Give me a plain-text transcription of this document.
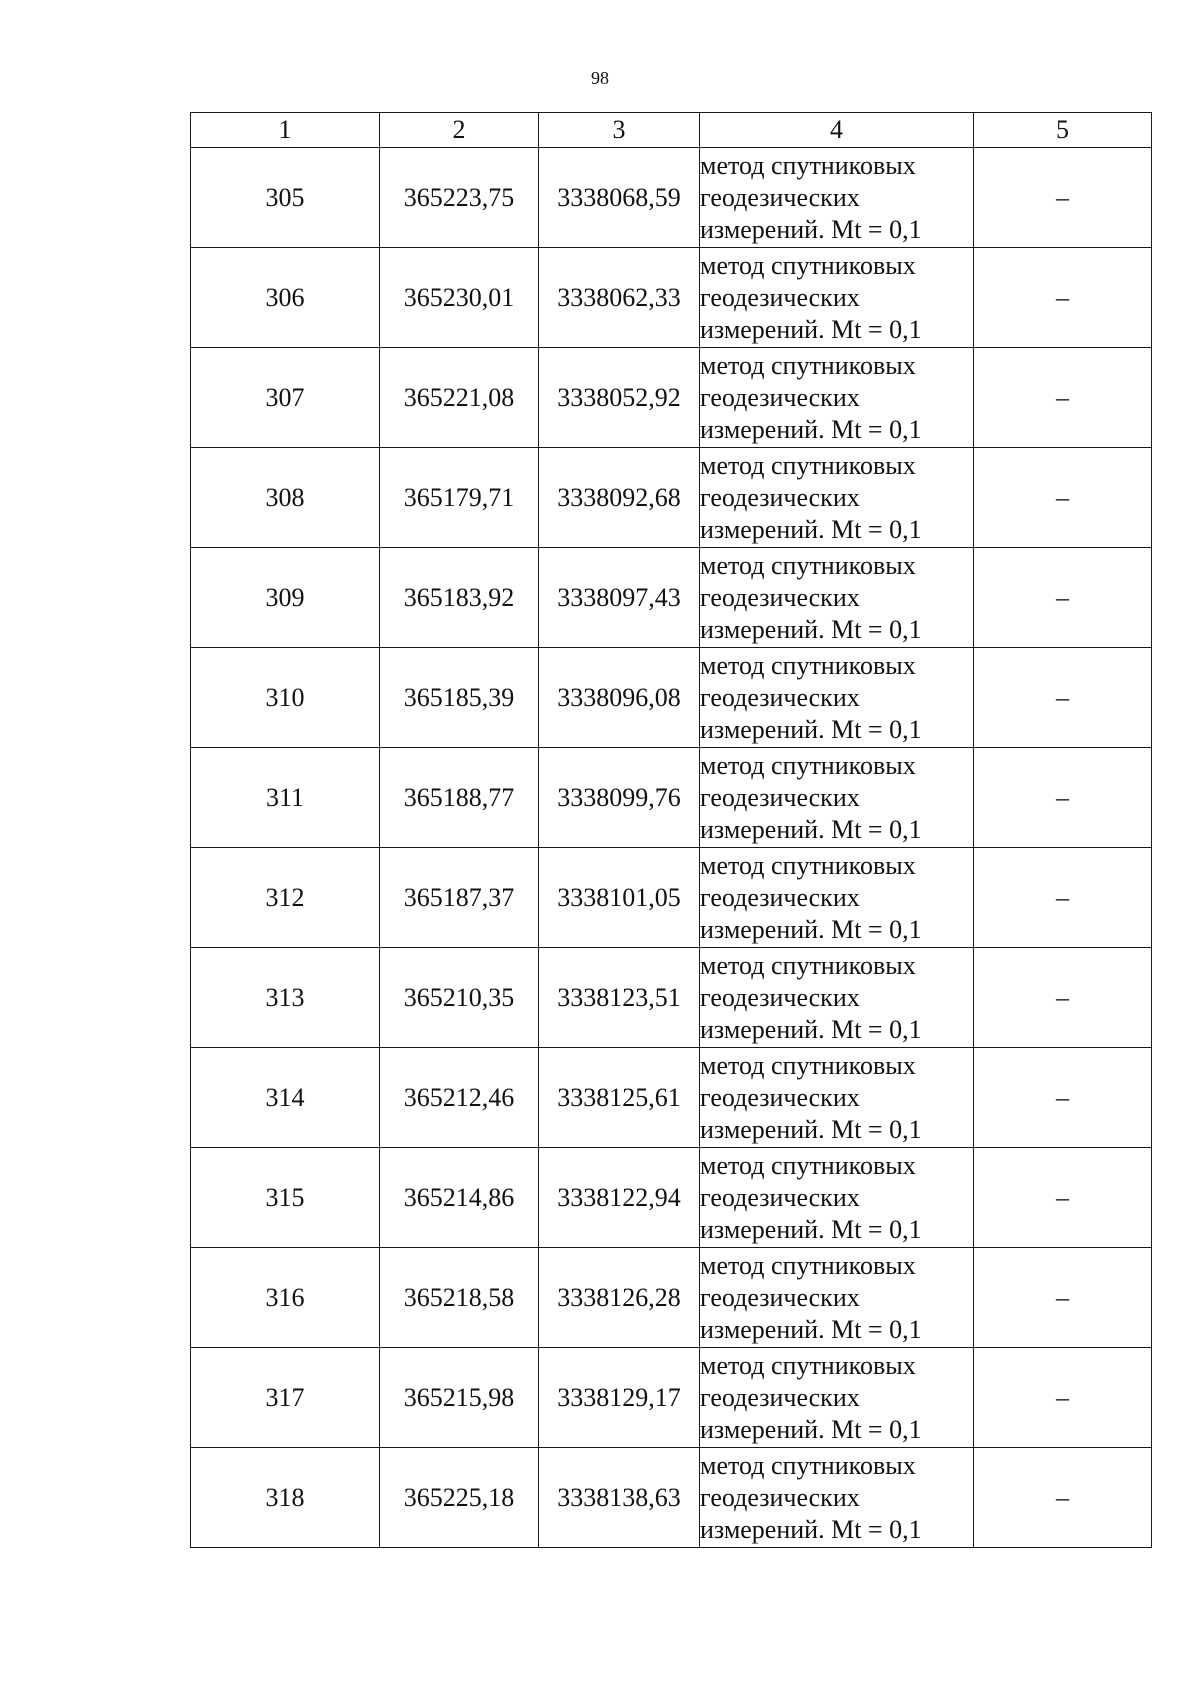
98
1	2	3	4	5
305	365223,75	3338068,59	метод спутниковых
геодезических
измерений. Mt = 0,1	–
306	365230,01	3338062,33	метод спутниковых
геодезических
измерений. Mt = 0,1	–
307	365221,08	3338052,92	метод спутниковых
геодезических
измерений. Mt = 0,1	–
308	365179,71	3338092,68	метод спутниковых
геодезических
измерений. Mt = 0,1	–
309	365183,92	3338097,43	метод спутниковых
геодезических
измерений. Mt = 0,1	–
310	365185,39	3338096,08	метод спутниковых
геодезических
измерений. Mt = 0,1	–
311	365188,77	3338099,76	метод спутниковых
геодезических
измерений. Mt = 0,1	–
312	365187,37	3338101,05	метод спутниковых
геодезических
измерений. Mt = 0,1	–
313	365210,35	3338123,51	метод спутниковых
геодезических
измерений. Mt = 0,1	–
314	365212,46	3338125,61	метод спутниковых
геодезических
измерений. Mt = 0,1	–
315	365214,86	3338122,94	метод спутниковых
геодезических
измерений. Mt = 0,1	–
316	365218,58	3338126,28	метод спутниковых
геодезических
измерений. Mt = 0,1	–
317	365215,98	3338129,17	метод спутниковых
геодезических
измерений. Mt = 0,1	–
318	365225,18	3338138,63	метод спутниковых
геодезических
измерений. Mt = 0,1	–
